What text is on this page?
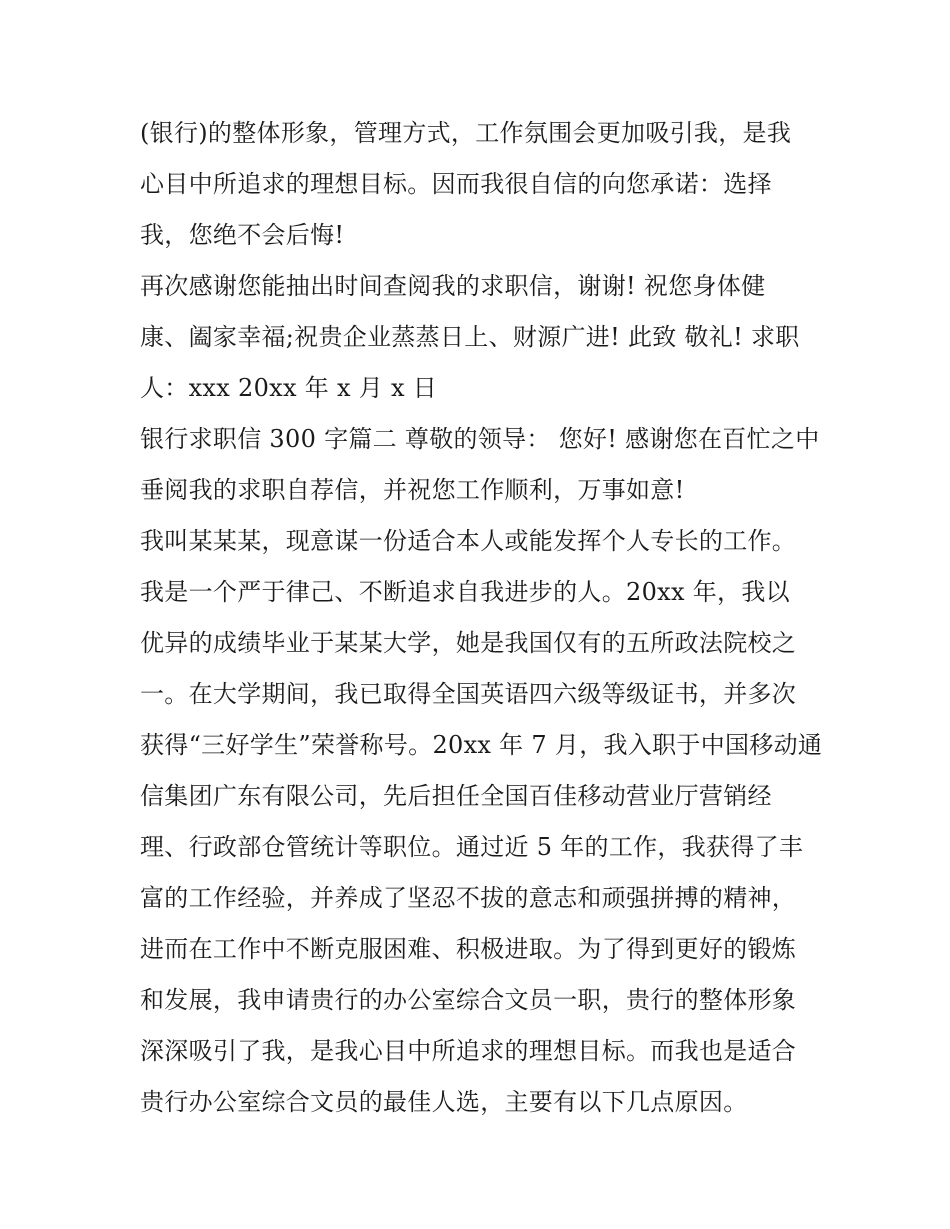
(银行)的整体形象，管理方式，工作氛围会更加吸引我，是我
心目中所追求的理想目标。因而我很自信的向您承诺：选择
我，您绝不会后悔!
再次感谢您能抽出时间查阅我的求职信，谢谢! 祝您身体健
康、阖家幸福;祝贵企业蒸蒸日上、财源广进! 此致 敬礼! 求职
人：xxx 20xx 年 x 月 x 日
银行求职信 300 字篇二 尊敬的领导： 您好! 感谢您在百忙之中
垂阅我的求职自荐信，并祝您工作顺利，万事如意!
我叫某某某，现意谋一份适合本人或能发挥个人专长的工作。
我是一个严于律己、不断追求自我进步的人。20xx 年，我以
优异的成绩毕业于某某大学，她是我国仅有的五所政法院校之
一。在大学期间，我已取得全国英语四六级等级证书，并多次
获得“三好学生”荣誉称号。20xx 年 7 月，我入职于中国移动通
信集团广东有限公司，先后担任全国百佳移动营业厅营销经
理、行政部仓管统计等职位。通过近 5 年的工作，我获得了丰
富的工作经验，并养成了坚忍不拔的意志和顽强拼搏的精神，
进而在工作中不断克服困难、积极进取。为了得到更好的锻炼
和发展，我申请贵行的办公室综合文员一职，贵行的整体形象
深深吸引了我，是我心目中所追求的理想目标。而我也是适合
贵行办公室综合文员的最佳人选，主要有以下几点原因。
